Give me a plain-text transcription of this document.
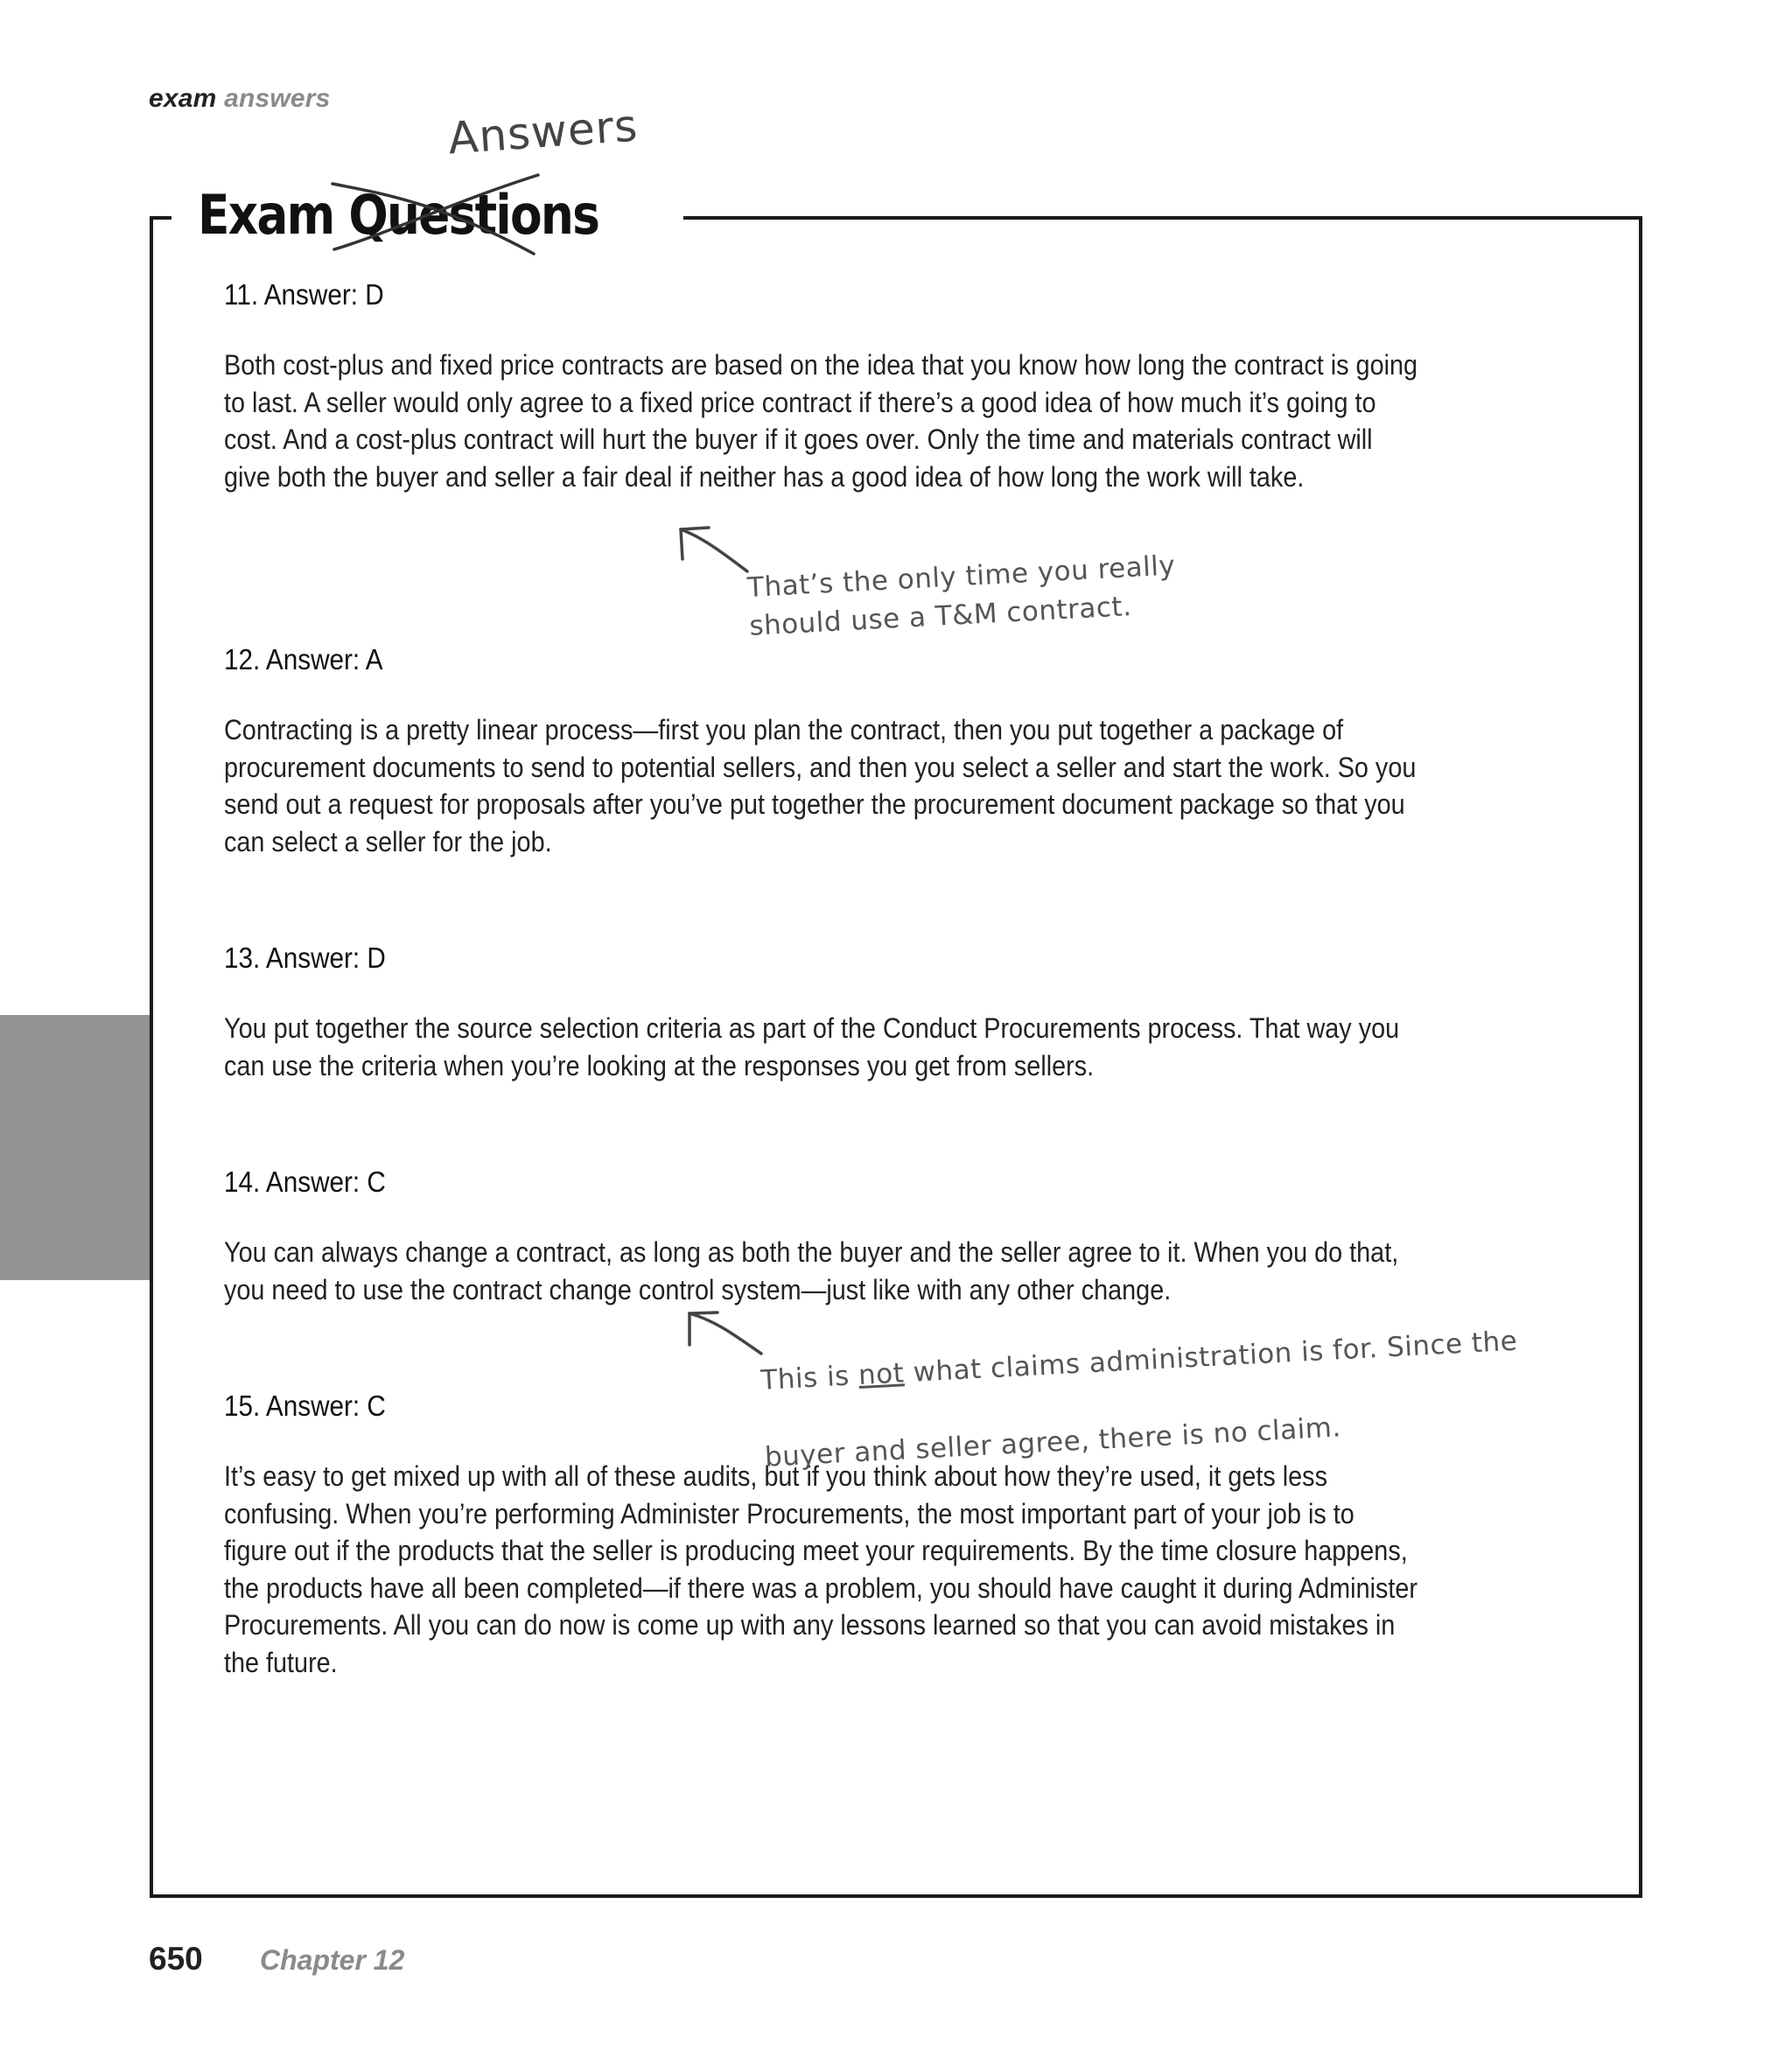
exam answers
Exam Questions
Answers

11. Answer: D

Both cost-plus and fixed price contracts are based on the idea that you know how long the contract is going
to last. A seller would only agree to a fixed price contract if there’s a good idea of how much it’s going to
cost. And a cost-plus contract will hurt the buyer if it goes over. Only the time and materials contract will
give both the buyer and seller a fair deal if neither has a good idea of how long the work will take.

12. Answer: A

Contracting is a pretty linear process—first you plan the contract, then you put together a package of
procurement documents to send to potential sellers, and then you select a seller and start the work. So you
send out a request for proposals after you’ve put together the procurement document package so that you
can select a seller for the job.

13. Answer: D

You put together the source selection criteria as part of the Conduct Procurements process. That way you
can use the criteria when you’re looking at the responses you get from sellers.

14. Answer: C

You can always change a contract, as long as both the buyer and the seller agree to it. When you do that,
you need to use the contract change control system—just like with any other change.

15. Answer: C

It’s easy to get mixed up with all of these audits, but if you think about how they’re used, it gets less
confusing. When you’re performing Administer Procurements, the most important part of your job is to
figure out if the products that the seller is producing meet your requirements. By the time closure happens,
the products have all been completed—if there was a problem, you should have caught it during Administer
Procurements. All you can do now is come up with any lessons learned so that you can avoid mistakes in
the future.

That’s the only time you really
should use a T&M contract.

This is not what claims administration is for. Since the

buyer and seller agree, there is no claim.

650 Chapter 12
